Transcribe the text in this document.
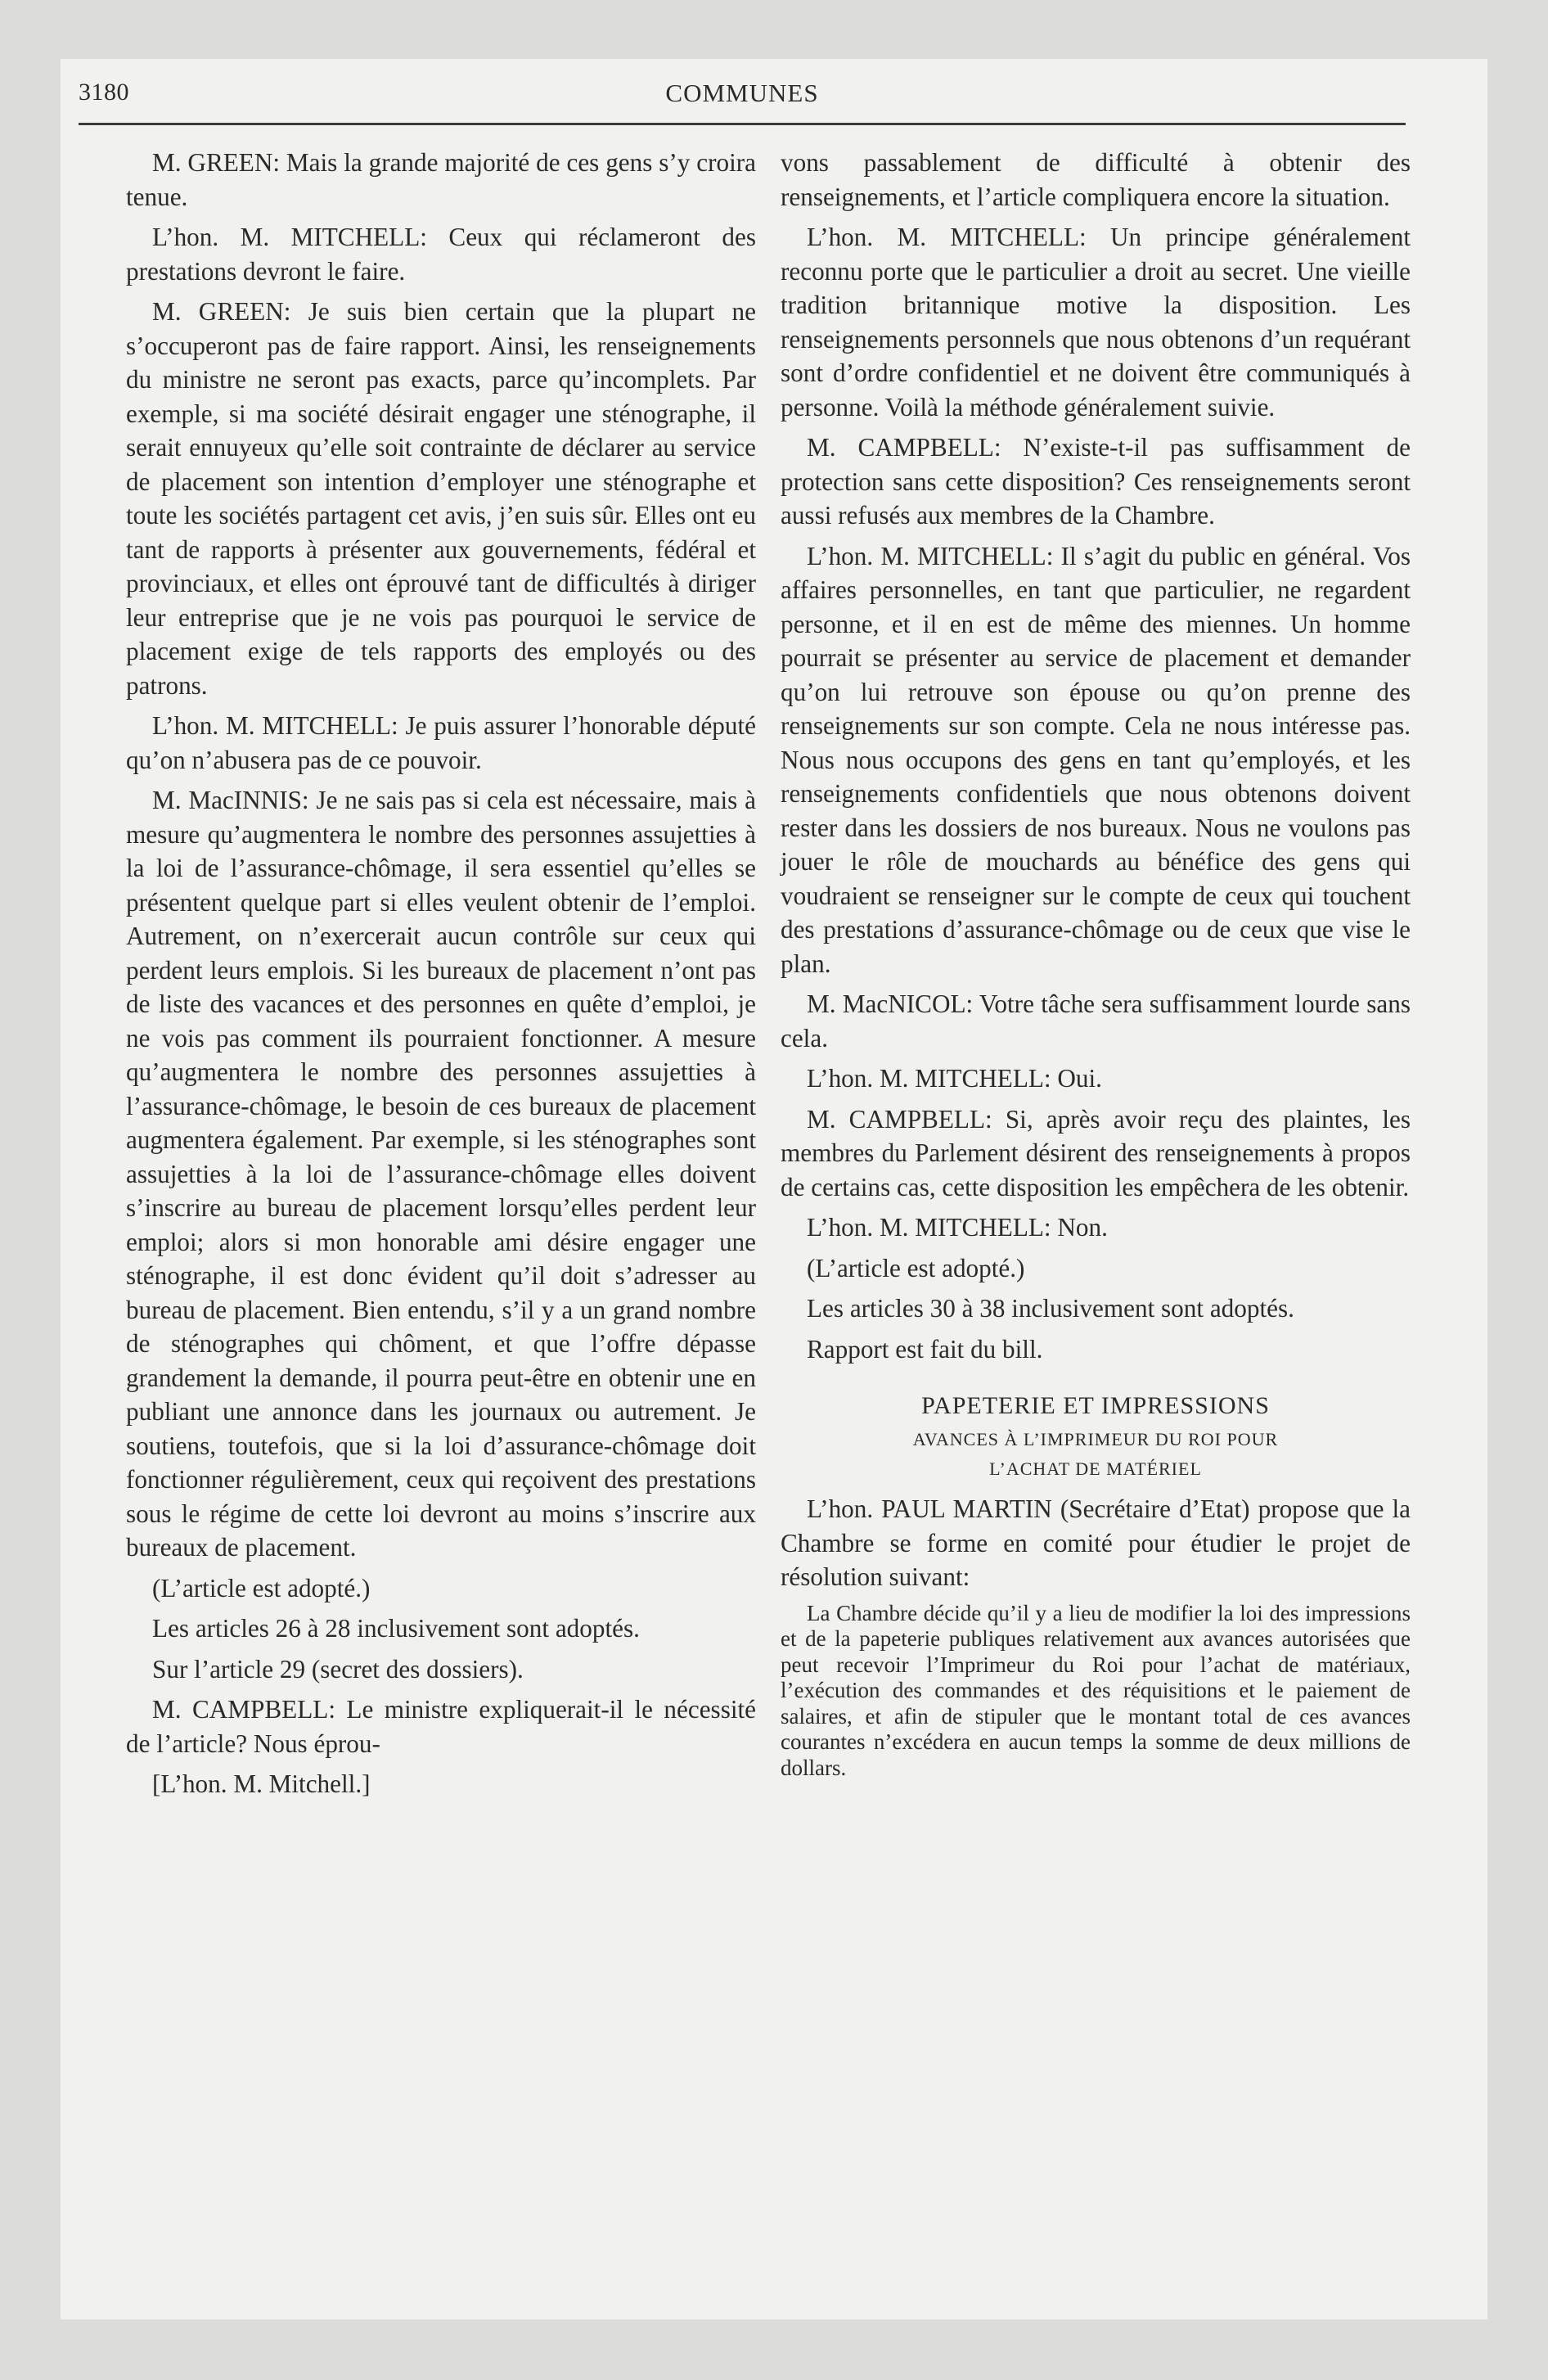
3180	COMMUNES

M. GREEN: Mais la grande majorité de ces gens s’y croira tenue.

L’hon. M. MITCHELL: Ceux qui réclameront des prestations devront le faire.

M. GREEN: Je suis bien certain que la plupart ne s’occuperont pas de faire rapport. Ainsi, les renseignements du ministre ne seront pas exacts, parce qu’incomplets. Par exemple, si ma société désirait engager une sténographe, il serait ennuyeux qu’elle soit contrainte de déclarer au service de placement son intention d’employer une sténographe et toute les sociétés partagent cet avis, j’en suis sûr. Elles ont eu tant de rapports à présenter aux gouvernements, fédéral et provinciaux, et elles ont éprouvé tant de difficultés à diriger leur entreprise que je ne vois pas pourquoi le service de placement exige de tels rapports des employés ou des patrons.

L’hon. M. MITCHELL: Je puis assurer l’honorable député qu’on n’abusera pas de ce pouvoir.

M. MacINNIS: Je ne sais pas si cela est nécessaire, mais à mesure qu’augmentera le nombre des personnes assujetties à la loi de l’assurance-chômage, il sera essentiel qu’elles se présentent quelque part si elles veulent obtenir de l’emploi. Autrement, on n’exercerait aucun contrôle sur ceux qui perdent leurs emplois. Si les bureaux de placement n’ont pas de liste des vacances et des personnes en quête d’emploi, je ne vois pas comment ils pourraient fonctionner. A mesure qu’augmentera le nombre des personnes assujetties à l’assurance-chômage, le besoin de ces bureaux de placement augmentera également. Par exemple, si les sténographes sont assujetties à la loi de l’assurance-chômage elles doivent s’inscrire au bureau de placement lorsqu’elles perdent leur emploi; alors si mon honorable ami désire engager une sténographe, il est donc évident qu’il doit s’adresser au bureau de placement. Bien entendu, s’il y a un grand nombre de sténographes qui chôment, et que l’offre dépasse grandement la demande, il pourra peut-être en obtenir une en publiant une annonce dans les journaux ou autrement. Je soutiens, toutefois, que si la loi d’assurance-chômage doit fonctionner régulièrement, ceux qui reçoivent des prestations sous le régime de cette loi devront au moins s’inscrire aux bureaux de placement.

(L’article est adopté.)

Les articles 26 à 28 inclusivement sont adoptés.

Sur l’article 29 (secret des dossiers).

M. CAMPBELL: Le ministre expliquerait-il le nécessité de l’article? Nous éprou-

[L’hon. M. Mitchell.]

vons passablement de difficulté à obtenir des renseignements, et l’article compliquera encore la situation.

L’hon. M. MITCHELL: Un principe généralement reconnu porte que le particulier a droit au secret. Une vieille tradition britannique motive la disposition. Les renseignements personnels que nous obtenons d’un requérant sont d’ordre confidentiel et ne doivent être communiqués à personne. Voilà la méthode généralement suivie.

M. CAMPBELL: N’existe-t-il pas suffisamment de protection sans cette disposition? Ces renseignements seront aussi refusés aux membres de la Chambre.

L’hon. M. MITCHELL: Il s’agit du public en général. Vos affaires personnelles, en tant que particulier, ne regardent personne, et il en est de même des miennes. Un homme pourrait se présenter au service de placement et demander qu’on lui retrouve son épouse ou qu’on prenne des renseignements sur son compte. Cela ne nous intéresse pas. Nous nous occupons des gens en tant qu’employés, et les renseignements confidentiels que nous obtenons doivent rester dans les dossiers de nos bureaux. Nous ne voulons pas jouer le rôle de mouchards au bénéfice des gens qui voudraient se renseigner sur le compte de ceux qui touchent des prestations d’assurance-chômage ou de ceux que vise le plan.

M. MacNICOL: Votre tâche sera suffisamment lourde sans cela.

L’hon. M. MITCHELL: Oui.

M. CAMPBELL: Si, après avoir reçu des plaintes, les membres du Parlement désirent des renseignements à propos de certains cas, cette disposition les empêchera de les obtenir.

L’hon. M. MITCHELL: Non.

(L’article est adopté.)

Les articles 30 à 38 inclusivement sont adoptés.

Rapport est fait du bill.

PAPETERIE ET IMPRESSIONS
AVANCES À L’IMPRIMEUR DU ROI POUR
L’ACHAT DE MATÉRIEL

L’hon. PAUL MARTIN (Secrétaire d’Etat) propose que la Chambre se forme en comité pour étudier le projet de résolution suivant:

La Chambre décide qu’il y a lieu de modifier la loi des impressions et de la papeterie publiques relativement aux avances autorisées que peut recevoir l’Imprimeur du Roi pour l’achat de matériaux, l’exécution des commandes et des réquisitions et le paiement de salaires, et afin de stipuler que le montant total de ces avances courantes n’excédera en aucun temps la somme de deux millions de dollars.
